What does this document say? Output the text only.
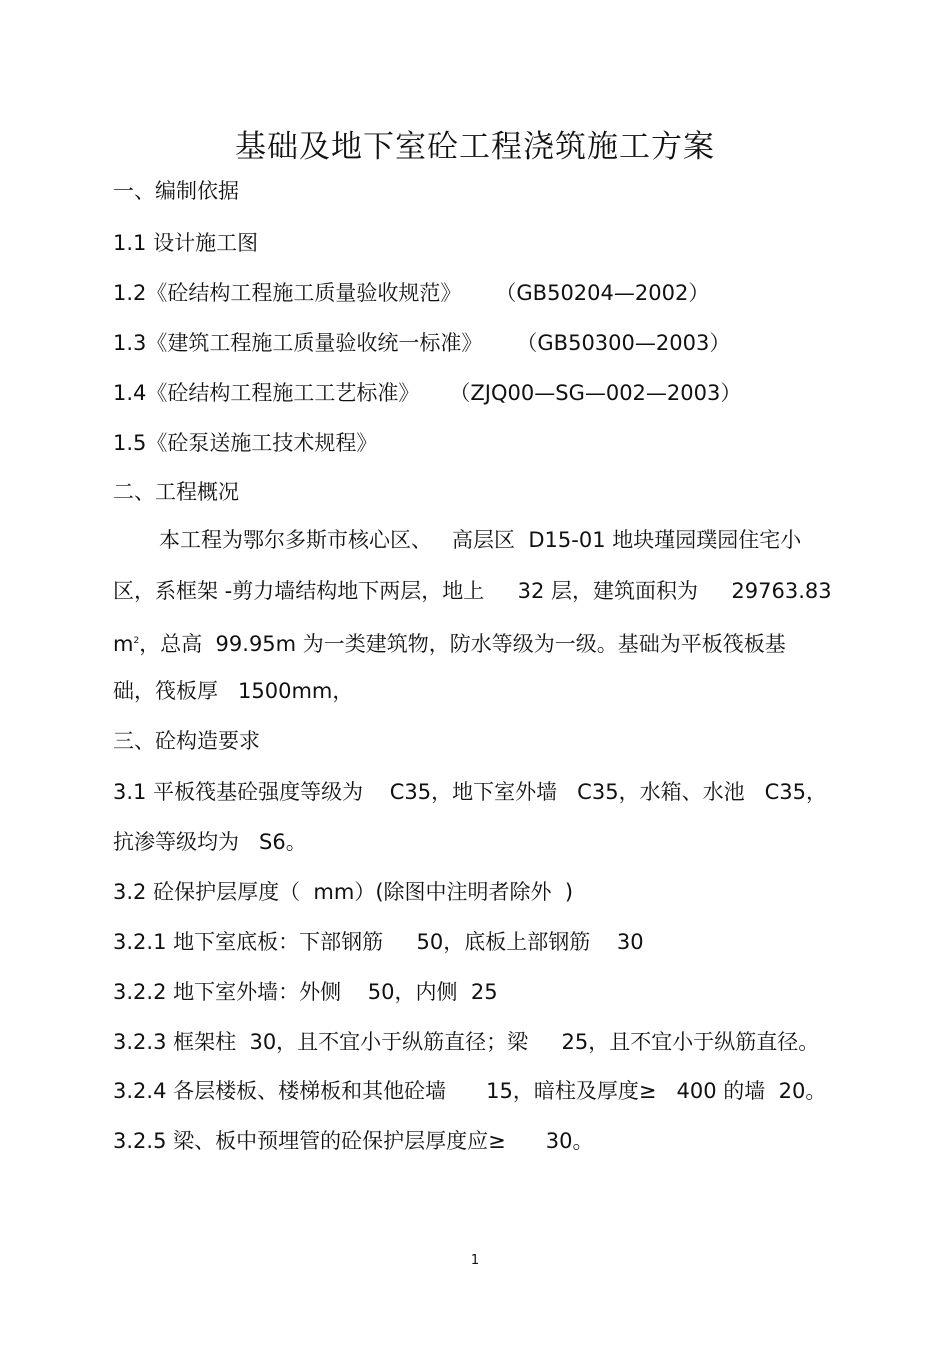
基础及地下室砼工程浇筑施工方案
一、编制依据
1.1 设计施工图
1.2《砼结构工程施工质量验收规范》 （GB50204—2002）
1.3《建筑工程施工质量验收统一标准》 （GB50300—2003）
1.4《砼结构工程施工工艺标准》 （ZJQ00—SG—002—2003）
1.5《砼泵送施工技术规程》
二、工程概况
本工程为鄂尔多斯市核心区、   高层区  D15-01 地块瑾园璞园住宅小
区，系框架 -剪力墙结构地下两层，地上     32 层，建筑面积为     29763.83
$m^2$，总高  99.95m 为一类建筑物，防水等级为一级。基础为平板筏板基
础，筏板厚   1500mm，
三、砼构造要求
3.1 平板筏基砼强度等级为    C35，地下室外墙   C35，水箱、水池   C35，
抗渗等级均为   S6。
3.2 砼保护层厚度（  mm）(除图中注明者除外  )
3.2.1 地下室底板：下部钢筋     50，底板上部钢筋    30
3.2.2 地下室外墙：外侧    50，内侧  25
3.2.3 框架柱  30，且不宜小于纵筋直径；梁     25，且不宜小于纵筋直径。
3.2.4 各层楼板、楼梯板和其他砼墙      15，暗柱及厚度≥   400 的墙  20。
3.2.5 梁、板中预埋管的砼保护层厚度应≥      30。
1
